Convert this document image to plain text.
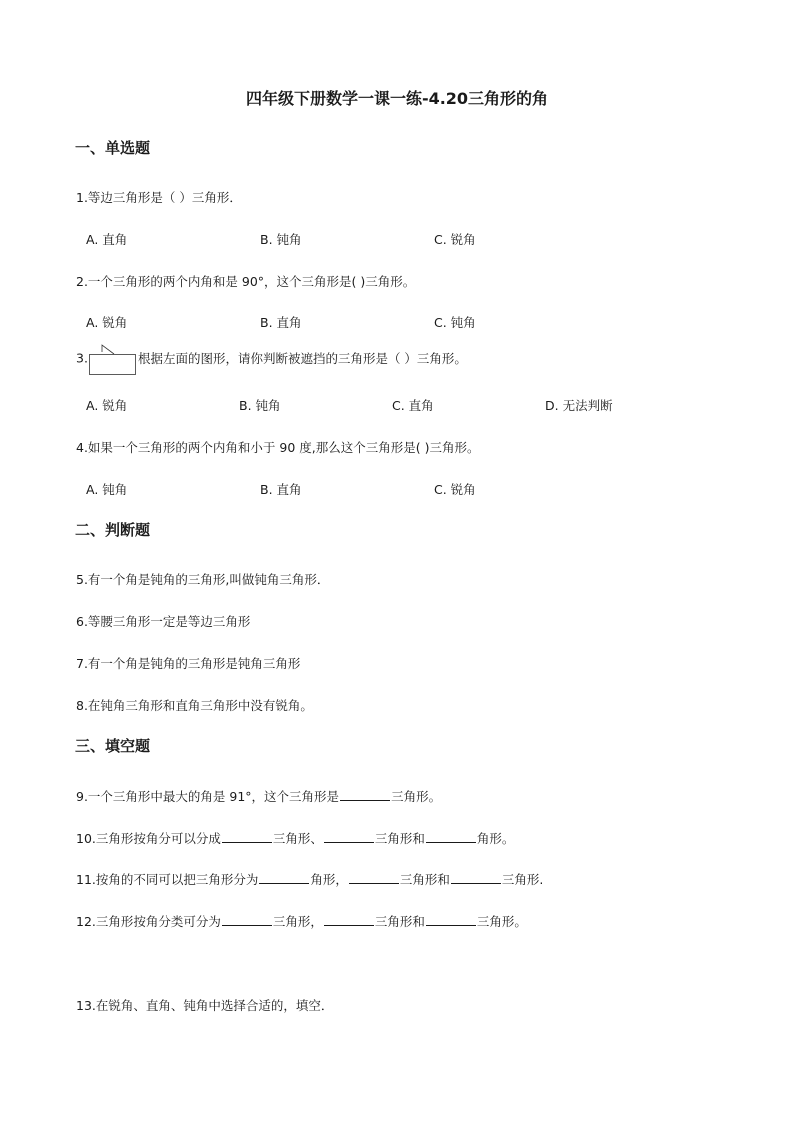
四年级下册数学一课一练-4.20三角形的角
一、单选题
1.等边三角形是（ ）三角形．
A. 直角	B. 钝角	C. 锐角
2.一个三角形的两个内角和是 90°，这个三角形是( )三角形。
A. 锐角	B. 直角	C. 钝角
3.	根据左面的图形，请你判断被遮挡的三角形是（ ）三角形。
A. 锐角	B. 钝角	C. 直角	D. 无法判断
4.如果一个三角形的两个内角和小于 90 度,那么这个三角形是( )三角形。
A. 钝角	B. 直角	C. 锐角
二、判断题
5.有一个角是钝角的三角形,叫做钝角三角形．
6.等腰三角形一定是等边三角形
7.有一个角是钝角的三角形是钝角三角形
8.在钝角三角形和直角三角形中没有锐角。
三、填空题
9.一个三角形中最大的角是 91°，这个三角形是	三角形。
10.三角形按角分可以分成	三角形、	三角形和	角形。
11.按角的不同可以把三角形分为	角形，	三角形和	三角形.
12.三角形按角分类可分为	三角形，	三角形和	三角形。
13.在锐角、直角、钝角中选择合适的，填空．
